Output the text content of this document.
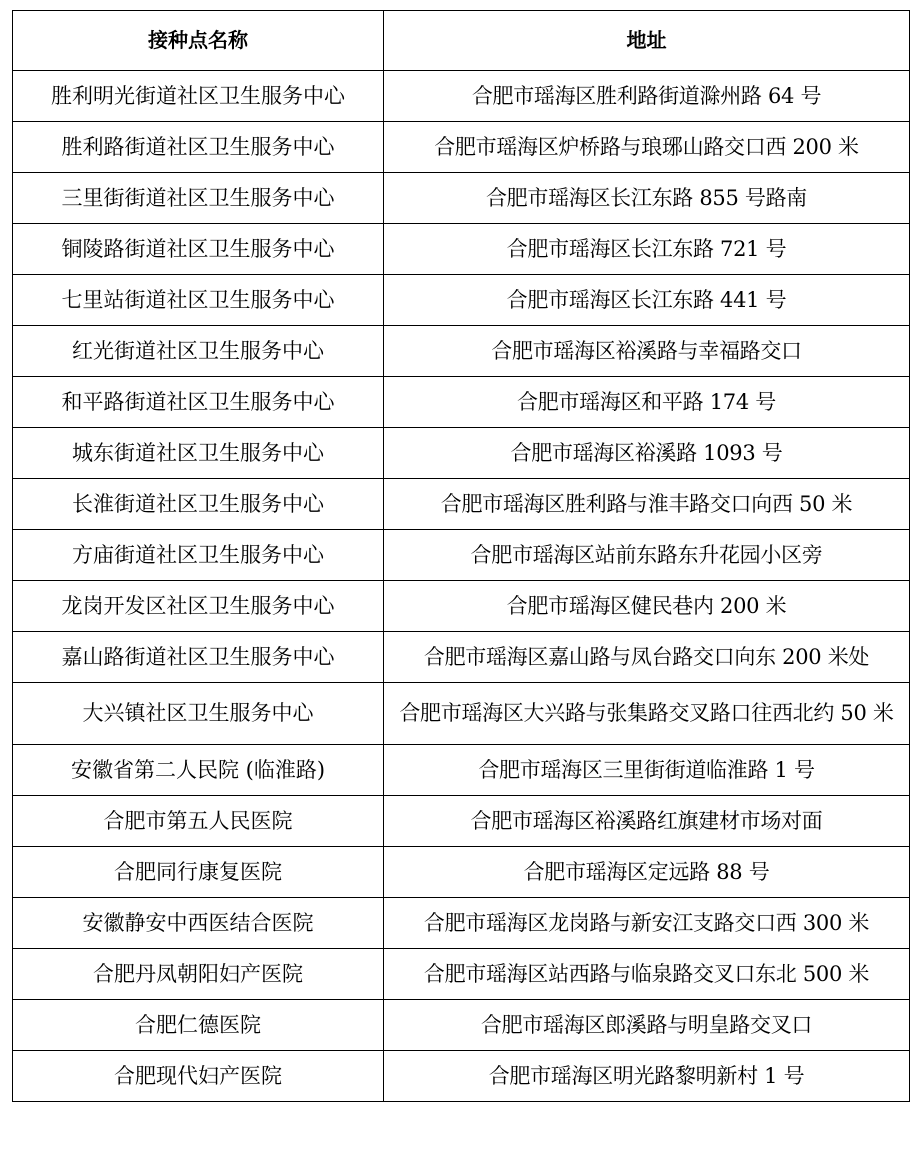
接种点名称	地址
胜利明光街道社区卫生服务中心	合肥市瑶海区胜利路街道滁州路 64 号
胜利路街道社区卫生服务中心	合肥市瑶海区炉桥路与琅琊山路交口西 200 米
三里街街道社区卫生服务中心	合肥市瑶海区长江东路 855 号路南
铜陵路街道社区卫生服务中心	合肥市瑶海区长江东路 721 号
七里站街道社区卫生服务中心	合肥市瑶海区长江东路 441 号
红光街道社区卫生服务中心	合肥市瑶海区裕溪路与幸福路交口
和平路街道社区卫生服务中心	合肥市瑶海区和平路 174 号
城东街道社区卫生服务中心	合肥市瑶海区裕溪路 1093 号
长淮街道社区卫生服务中心	合肥市瑶海区胜利路与淮丰路交口向西 50 米
方庙街道社区卫生服务中心	合肥市瑶海区站前东路东升花园小区旁
龙岗开发区社区卫生服务中心	合肥市瑶海区健民巷内 200 米
嘉山路街道社区卫生服务中心	合肥市瑶海区嘉山路与凤台路交口向东 200 米处
大兴镇社区卫生服务中心	合肥市瑶海区大兴路与张集路交叉路口往西北约 50 米
安徽省第二人民院 (临淮路)	合肥市瑶海区三里街街道临淮路 1 号
合肥市第五人民医院	合肥市瑶海区裕溪路红旗建材市场对面
合肥同行康复医院	合肥市瑶海区定远路 88 号
安徽静安中西医结合医院	合肥市瑶海区龙岗路与新安江支路交口西 300 米
合肥丹凤朝阳妇产医院	合肥市瑶海区站西路与临泉路交叉口东北 500 米
合肥仁德医院	合肥市瑶海区郎溪路与明皇路交叉口
合肥现代妇产医院	合肥市瑶海区明光路黎明新村 1 号
